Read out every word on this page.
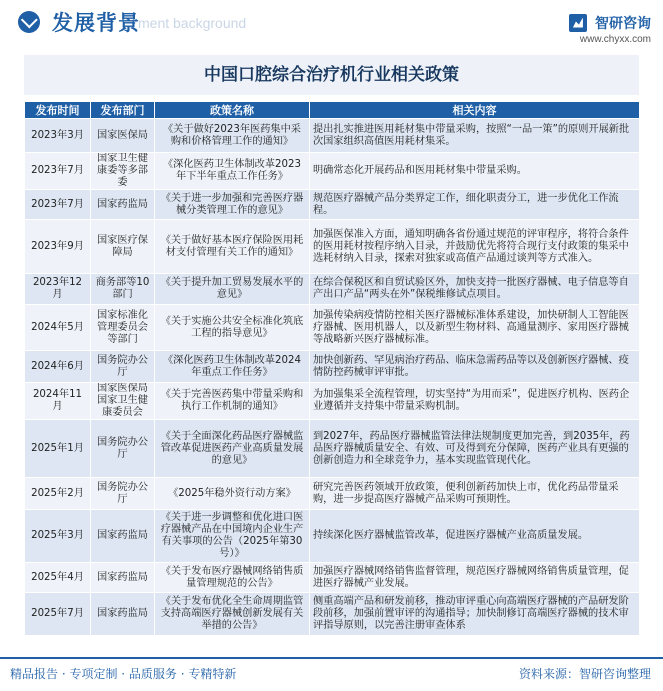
发展背景
ment background	智研咨询
www.chyxx.com
中国口腔综合治疗机行业相关政策
发布时间	发布部门	政策名称	相关内容
2023年3月	国家医保局	《关于做好2023年医药集中采购和价格管理工作的通知》	提出扎实推进医用耗材集中带量采购，按照“一品一策”的原则开展新批次国家组织高值医用耗材集采。
2023年7月	国家卫生健康委等多部委	《深化医药卫生体制改革2023年下半年重点工作任务》	明确常态化开展药品和医用耗材集中带量采购。
2023年7月	国家药监局	《关于进一步加强和完善医疗器械分类管理工作的意见》	规范医疗器械产品分类界定工作，细化职责分工，进一步优化工作流程。
2023年9月	国家医疗保障局	《关于做好基本医疗保险医用耗材支付管理有关工作的通知》	加强医保准入方面，通知明确各省份通过规范的评审程序，将符合条件的医用耗材按程序纳入目录，并鼓励优先将符合现行支付政策的集采中选耗材纳入目录，探索对独家或高值产品通过谈判等方式准入。
2023年12月	商务部等10部门	《关于提升加工贸易发展水平的意见》	在综合保税区和自贸试验区外，加快支持一批医疗器械、电子信息等自产出口产品“两头在外”保税维修试点项目。
2024年5月	国家标准化管理委员会等部门	《关于实施公共安全标准化筑底工程的指导意见》	加强传染病疫情防控相关医疗器械标准体系建设，加快研制人工智能医疗器械、医用机器人，以及新型生物材料、高通量测序、家用医疗器械等战略新兴医疗器械标准。
2024年6月	国务院办公厅	《深化医药卫生体制改革2024年重点工作任务》	加快创新药、罕见病治疗药品、临床急需药品等以及创新医疗器械、疫情防控药械审评审批。
2024年11月	国家医保局国家卫生健康委员会	《关于完善医药集中带量采购和执行工作机制的通知》	为加强集采全流程管理，切实坚持“为用而采”，促进医疗机构、医药企业遵循并支持集中带量采购机制。
2025年1月	国务院办公厅	《关于全面深化药品医疗器械监管改革促进医药产业高质量发展的意见》	到2027年，药品医疗器械监管法律法规制度更加完善，到2035年，药品医疗器械质量安全、有效、可及得到充分保障，医药产业具有更强的创新创造力和全球竞争力，基本实现监管现代化。
2025年2月	国务院办公厅	《2025年稳外资行动方案》	研究完善医药领域开放政策，便利创新药加快上市，优化药品带量采购，进一步提高医疗器械产品采购可预期性。
2025年3月	国家药监局	《关于进一步调整和优化进口医疗器械产品在中国境内企业生产有关事项的公告（2025年第30号）》	持续深化医疗器械监管改革，促进医疗器械产业高质量发展。
2025年4月	国家药监局	《关于发布医疗器械网络销售质量管理规范的公告》	加强医疗器械网络销售监督管理，规范医疗器械网络销售质量管理，促进医疗器械产业发展。
2025年7月	国家药监局	《关于发布优化全生命周期监管支持高端医疗器械创新发展有关举措的公告》	侧重高端产品和研发前移，推动审评重心向高端医疗器械的产品研发阶段前移，加强前置审评的沟通指导；加快制修订高端医疗器械的技术审评指导原则，以完善注册审查体系
精品报告 · 专项定制 · 品质服务 · 专精特新	资料来源：智研咨询整理
